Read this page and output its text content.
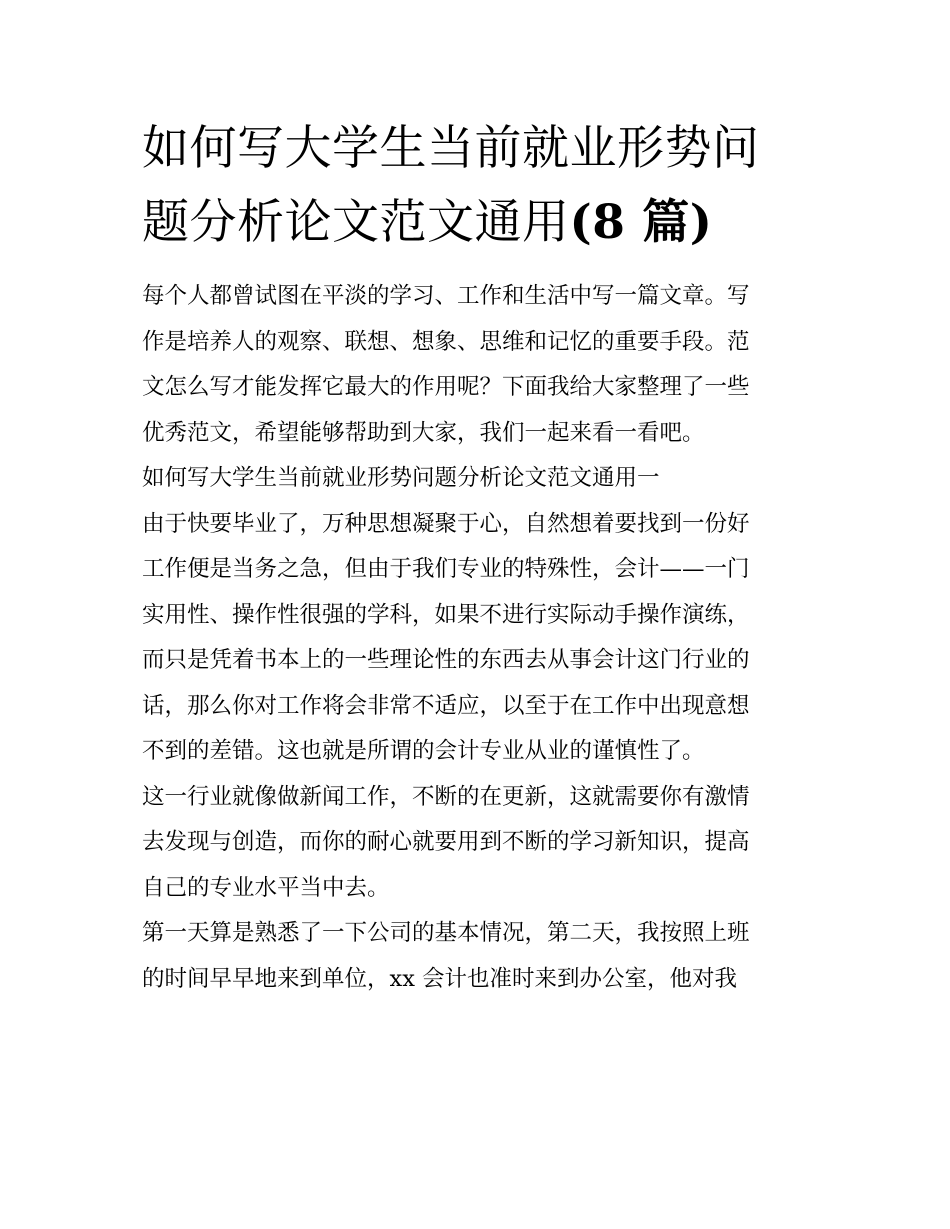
如何写大学生当前就业形势问
题分析论文范文通用(8 篇)

每个人都曾试图在平淡的学习、工作和生活中写一篇文章。写
作是培养人的观察、联想、想象、思维和记忆的重要手段。范
文怎么写才能发挥它最大的作用呢？下面我给大家整理了一些
优秀范文，希望能够帮助到大家，我们一起来看一看吧。

如何写大学生当前就业形势问题分析论文范文通用一

由于快要毕业了，万种思想凝聚于心，自然想着要找到一份好
工作便是当务之急，但由于我们专业的特殊性，会计——一门
实用性、操作性很强的学科，如果不进行实际动手操作演练，
而只是凭着书本上的一些理论性的东西去从事会计这门行业的
话，那么你对工作将会非常不适应，以至于在工作中出现意想
不到的差错。这也就是所谓的会计专业从业的谨慎性了。

这一行业就像做新闻工作，不断的在更新，这就需要你有激情
去发现与创造，而你的耐心就要用到不断的学习新知识，提高
自己的专业水平当中去。

第一天算是熟悉了一下公司的基本情况，第二天，我按照上班
的时间早早地来到单位，xx 会计也准时来到办公室，他对我
